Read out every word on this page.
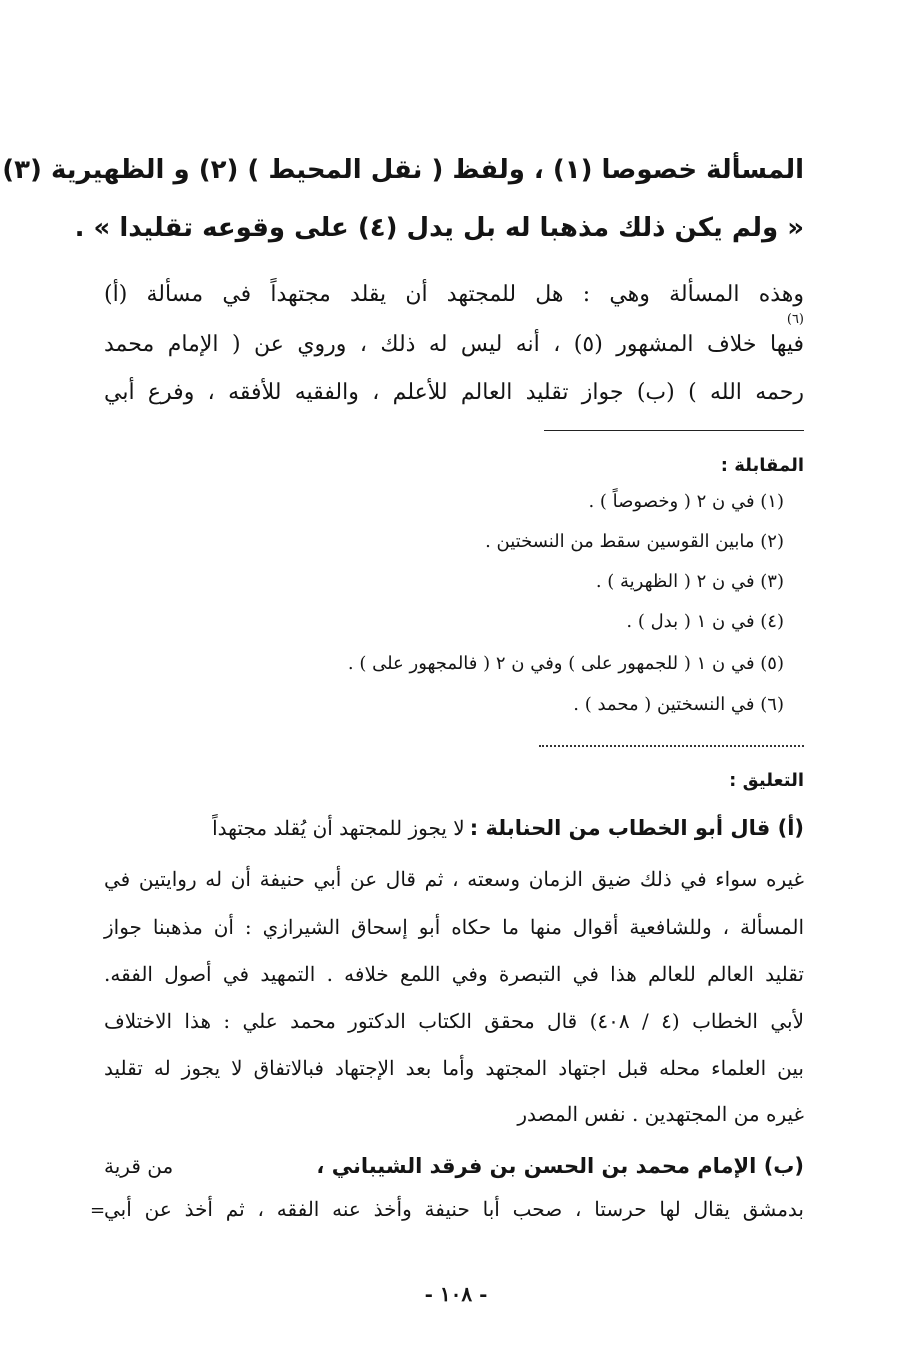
المسألة خصوصا (١) ، ولفظ ( نقل المحيط ) (٢) و الظهيرية (٣)
« ولم يكن ذلك مذهبا له بل يدل (٤) على وقوعه تقليدا » .
وهذه المسألة وهي : هل للمجتهد أن يقلد مجتهداً في مسألة (أ)
(٦)
فيها خلاف المشهور (٥) ، أنه ليس له ذلك ، وروي عن ( الإمام محمد
رحمه الله ) (ب) جواز تقليد العالم للأعلم ، والفقيه للأفقه ، وفرع أبي
المقابلة :
(١) في ن ٢ ( وخصوصاً ) .
(٢) مابين القوسين سقط من النسختين .
(٣) في ن ٢ ( الظهرية ) .
(٤) في ن ١ ( بدل ) .
(٥) في ن ١ ( للجمهور على ) وفي ن ٢ ( فالمجهور على ) .
(٦) في النسختين ( محمد ) .
التعليق :
(أ) قال أبو الخطاب من الحنابلة : لا يجوز للمجتهد أن يُقلد مجتهداً
غيره سواء في ذلك ضيق الزمان وسعته ، ثم قال عن أبي حنيفة أن له روايتين في
المسألة ، وللشافعية أقوال منها ما حكاه أبو إسحاق الشيرازي : أن مذهبنا جواز
تقليد العالم للعالم هذا في التبصرة وفي اللمع خلافه . التمهيد في أصول الفقه.
لأبي الخطاب (٤ / ٤٠٨) قال محقق الكتاب الدكتور محمد علي : هذا الاختلاف
بين العلماء محله قبل اجتهاد المجتهد وأما بعد الإجتهاد فبالاتفاق لا يجوز له تقليد
غيره من المجتهدين . نفس المصدر
(ب) الإمام محمد بن الحسن بن فرقد الشيباني ،
من قرية
بدمشق يقال لها حرستا ، صحب أبا حنيفة وأخذ عنه الفقه ، ثم أخذ عن أبي
=
- ١٠٨ -
